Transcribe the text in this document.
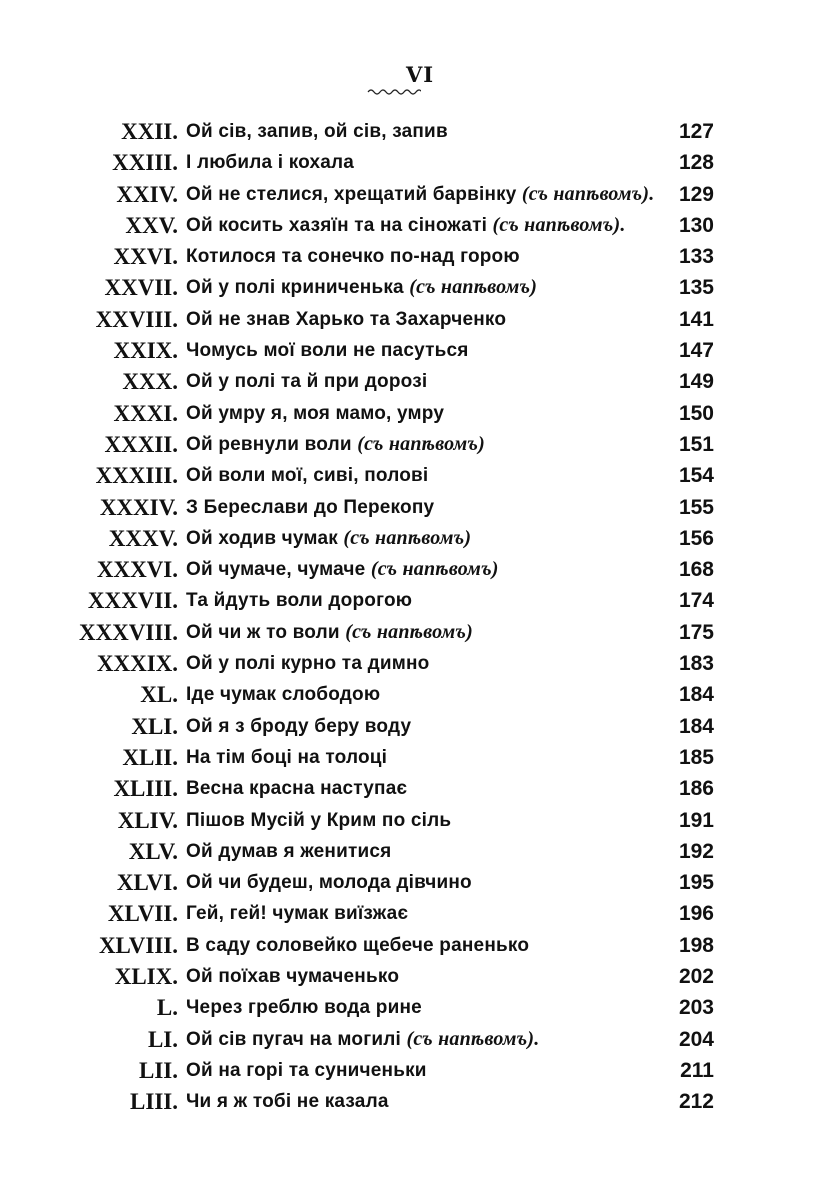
VI
XXII. Ой сів, запив, ой сів, запив	127
XXIII. І любила і кохала	128
XXIV. Ой не стелися, хрещатий барвінку (съ напѣвомъ). 129
XXV. Ой косить хазяїн та на сіножаті (съ напѣвомъ).	130
XXVI. Котилося та сонечко по-над горою	133
XXVII. Ой у полі криниченька (съ напѣвомъ)	135
XXVIII. Ой не знав Харько та Захарченко	141
XXIX. Чомусь мої воли не пасуться	147
XXX. Ой у полі та й при дорозі	149
XXXI. Ой умру я, моя мамо, умру	150
XXXII. Ой ревнули воли (съ напѣвомъ)	151
XXXIII. Ой воли мої, сиві, полові	154
XXXIV. З Берeслави до Перекопу	155
XXXV. Ой ходив чумак (съ напѣвомъ)	156
XXXVI. Ой чумаче, чумаче (съ напѣвомъ)	168
XXXVII. Та йдуть воли дорогою	174
XXXVIII. Ой чи ж то воли (съ напѣвомъ)	175
XXXIX. Ой у полі курно та димно	183
XL. Іде чумак слободою	184
XLI. Ой я з броду беру воду	184
XLII. На тім боці на толоці	185
XLIII. Весна красна наступає	186
XLIV. Пішов Мусій у Крим по сіль	191
XLV. Ой думав я женитися	192
XLVI. Ой чи будеш, молода дівчино	195
XLVII. Гей, гей! чумак виїзжає	196
XLVIII. В саду соловейко щебече раненько	198
XLIX. Ой поїхав чумаченько	202
L. Через греблю вода рине	203
LI. Ой сів пугач на могилі (съ напѣвомъ).	204
LII. Ой на горі та суниченьки	211
LIII. Чи я ж тобі не казала	212
